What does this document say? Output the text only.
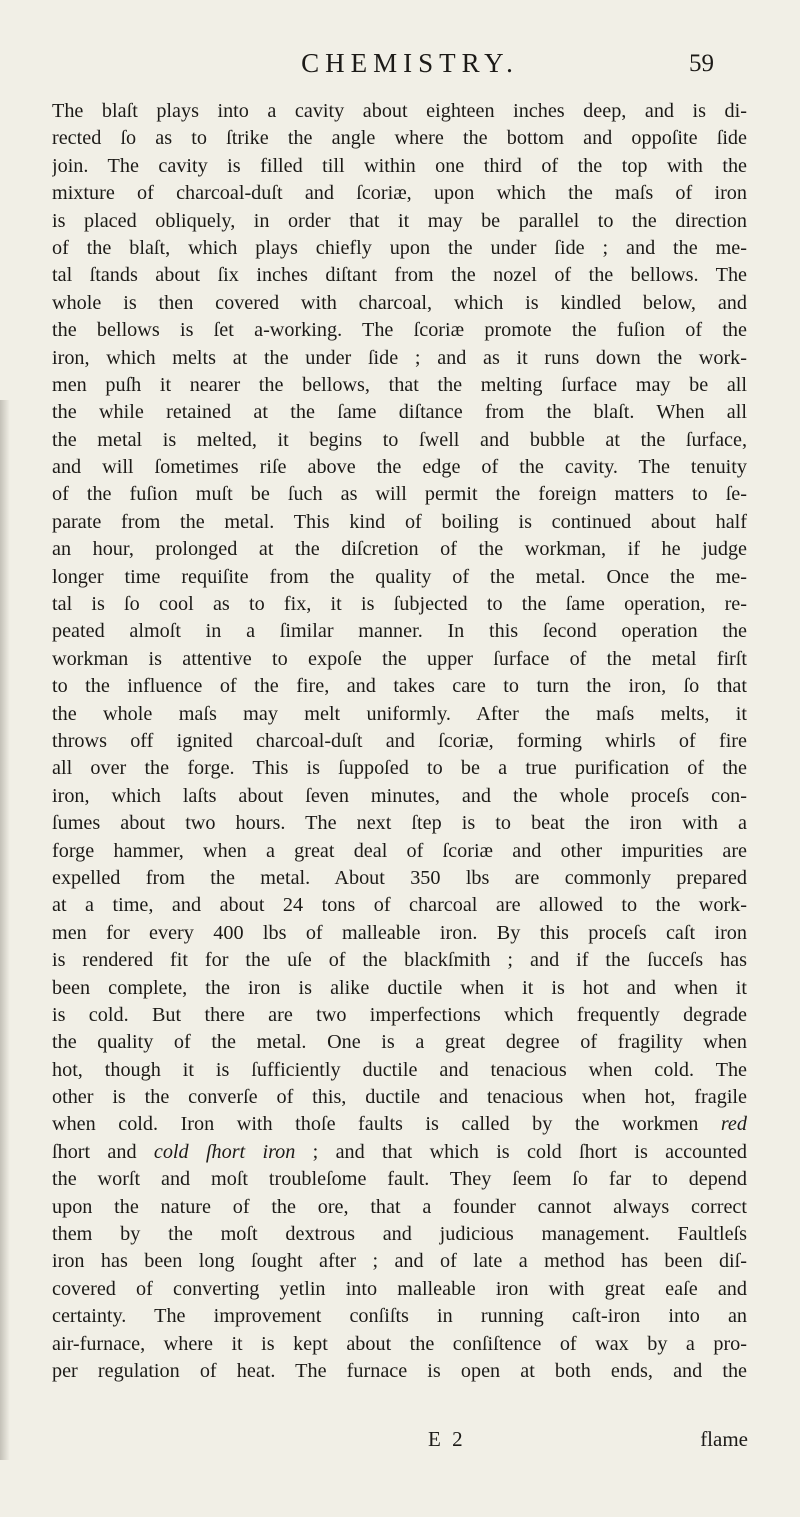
CHEMISTRY.	59
The blaſt plays into a cavity about eighteen inches deep, and is di-
rected ſo as to ſtrike the angle where the bottom and oppoſite ſide
join. The cavity is filled till within one third of the top with the
mixture of charcoal-duſt and ſcoriæ, upon which the maſs of iron
is placed obliquely, in order that it may be parallel to the direction
of the blaſt, which plays chiefly upon the under ſide ; and the me-
tal ſtands about ſix inches diſtant from the nozel of the bellows. The
whole is then covered with charcoal, which is kindled below, and
the bellows is ſet a-working. The ſcoriæ promote the fuſion of the
iron, which melts at the under ſide ; and as it runs down the work-
men puſh it nearer the bellows, that the melting ſurface may be all
the while retained at the ſame diſtance from the blaſt. When all
the metal is melted, it begins to ſwell and bubble at the ſurface,
and will ſometimes riſe above the edge of the cavity. The tenuity
of the fuſion muſt be ſuch as will permit the foreign matters to ſe-
parate from the metal. This kind of boiling is continued about half
an hour, prolonged at the diſcretion of the workman, if he judge
longer time requiſite from the quality of the metal. Once the me-
tal is ſo cool as to fix, it is ſubjected to the ſame operation, re-
peated almoſt in a ſimilar manner. In this ſecond operation the
workman is attentive to expoſe the upper ſurface of the metal firſt
to the influence of the fire, and takes care to turn the iron, ſo that
the whole maſs may melt uniformly. After the maſs melts, it
throws off ignited charcoal-duſt and ſcoriæ, forming whirls of fire
all over the forge. This is ſuppoſed to be a true purification of the
iron, which laſts about ſeven minutes, and the whole proceſs con-
ſumes about two hours. The next ſtep is to beat the iron with a
forge hammer, when a great deal of ſcoriæ and other impurities are
expelled from the metal. About 350 lbs are commonly prepared
at a time, and about 24 tons of charcoal are allowed to the work-
men for every 400 lbs of malleable iron. By this proceſs caſt iron
is rendered fit for the uſe of the blackſmith ; and if the ſucceſs has
been complete, the iron is alike ductile when it is hot and when it
is cold. But there are two imperfections which frequently degrade
the quality of the metal. One is a great degree of fragility when
hot, though it is ſufficiently ductile and tenacious when cold. The
other is the converſe of this, ductile and tenacious when hot, fragile
when cold. Iron with thoſe faults is called by the workmen red
ſhort and cold ſhort iron ; and that which is cold ſhort is accounted
the worſt and moſt troubleſome fault. They ſeem ſo far to depend
upon the nature of the ore, that a founder cannot always correct
them by the moſt dextrous and judicious management. Faultleſs
iron has been long ſought after ; and of late a method has been diſ-
covered of converting yetlin into malleable iron with great eaſe and
certainty. The improvement conſiſts in running caſt-iron into an
air-furnace, where it is kept about the conſiſtence of wax by a pro-
per regulation of heat. The furnace is open at both ends, and the
E 2	flame
